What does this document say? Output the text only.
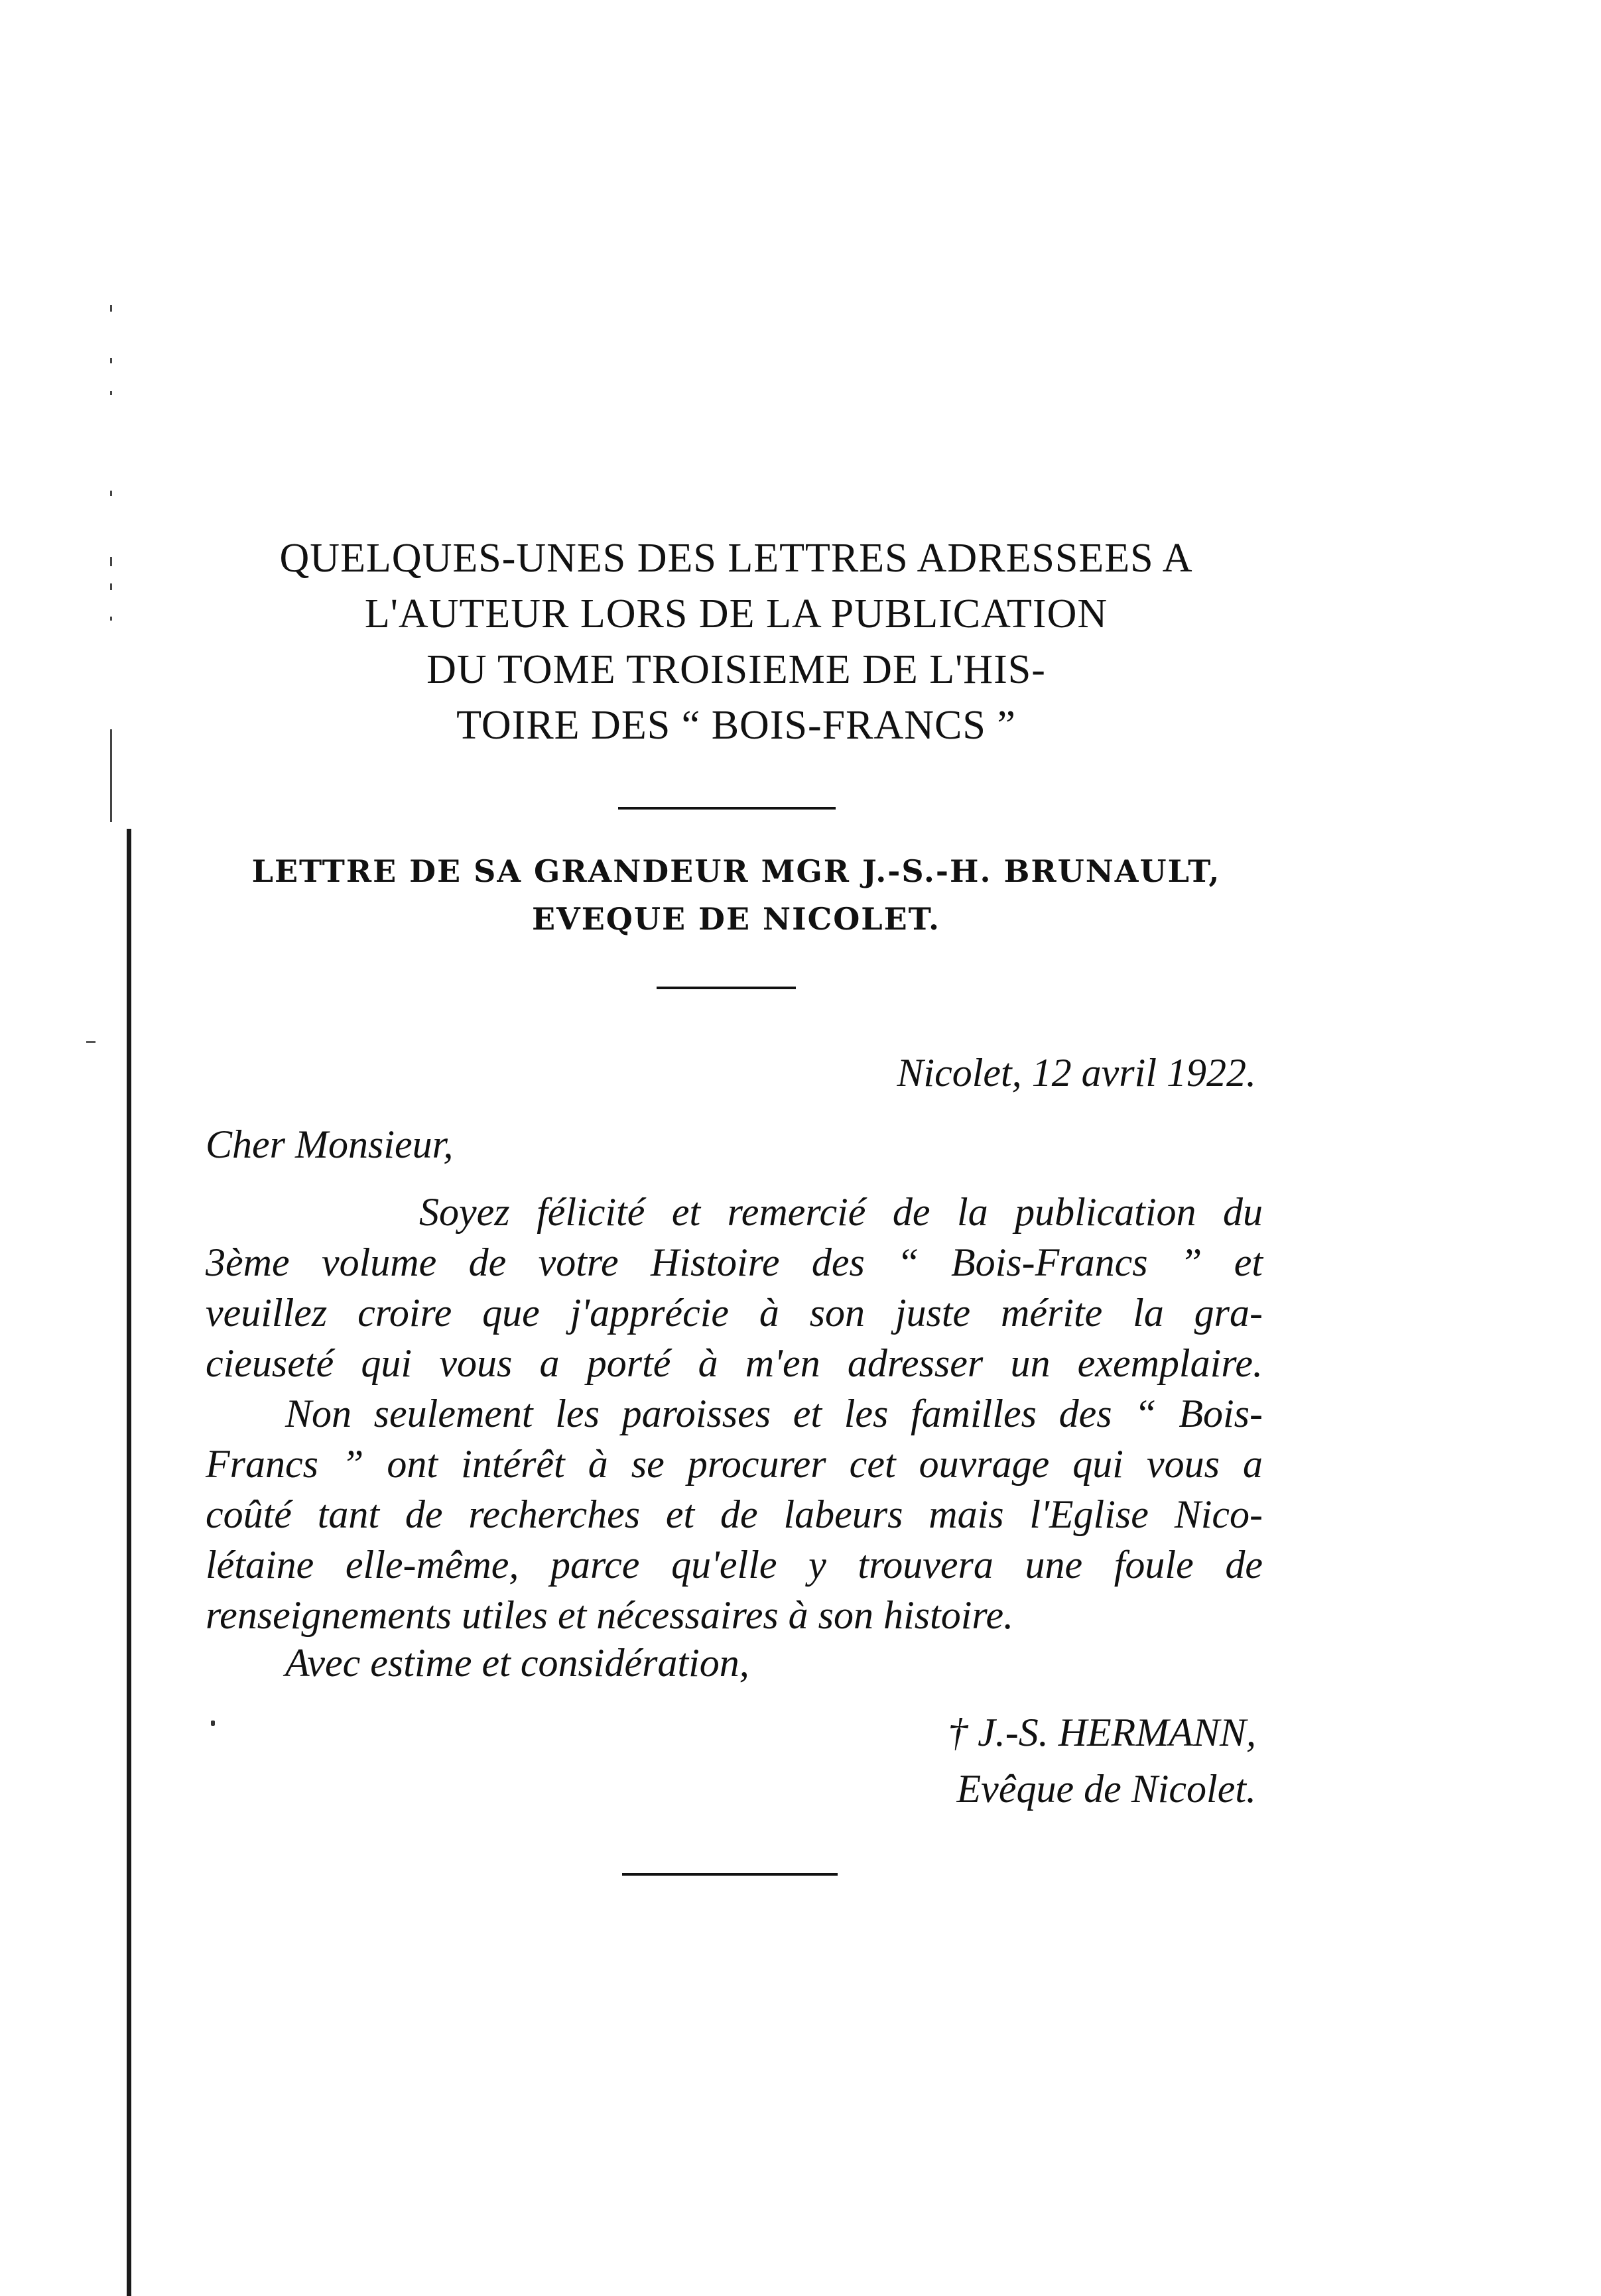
QUELQUES-UNES DES LETTRES ADRESSEES A
L'AUTEUR LORS DE LA PUBLICATION
DU TOME TROISIEME DE L'HIS-
TOIRE DES “ BOIS-FRANCS ”
LETTRE DE SA GRANDEUR MGR J.-S.-H. BRUNAULT,
EVEQUE DE NICOLET.
Nicolet, 12 avril 1922.
Cher Monsieur,
Soyez félicité et remercié de la publication du
3ème volume de votre Histoire des “ Bois-Francs ” et
veuillez croire que j'apprécie à son juste mérite la gra-
cieuseté qui vous a porté à m'en adresser un exemplaire.
Non seulement les paroisses et les familles des “ Bois-
Francs ” ont intérêt à se procurer cet ouvrage qui vous a
coûté tant de recherches et de labeurs mais l'Eglise Nico-
létaine elle-même, parce qu'elle y trouvera une foule de
renseignements utiles et nécessaires à son histoire.
Avec estime et considération,
† J.-S. HERMANN,
Evêque de Nicolet.
